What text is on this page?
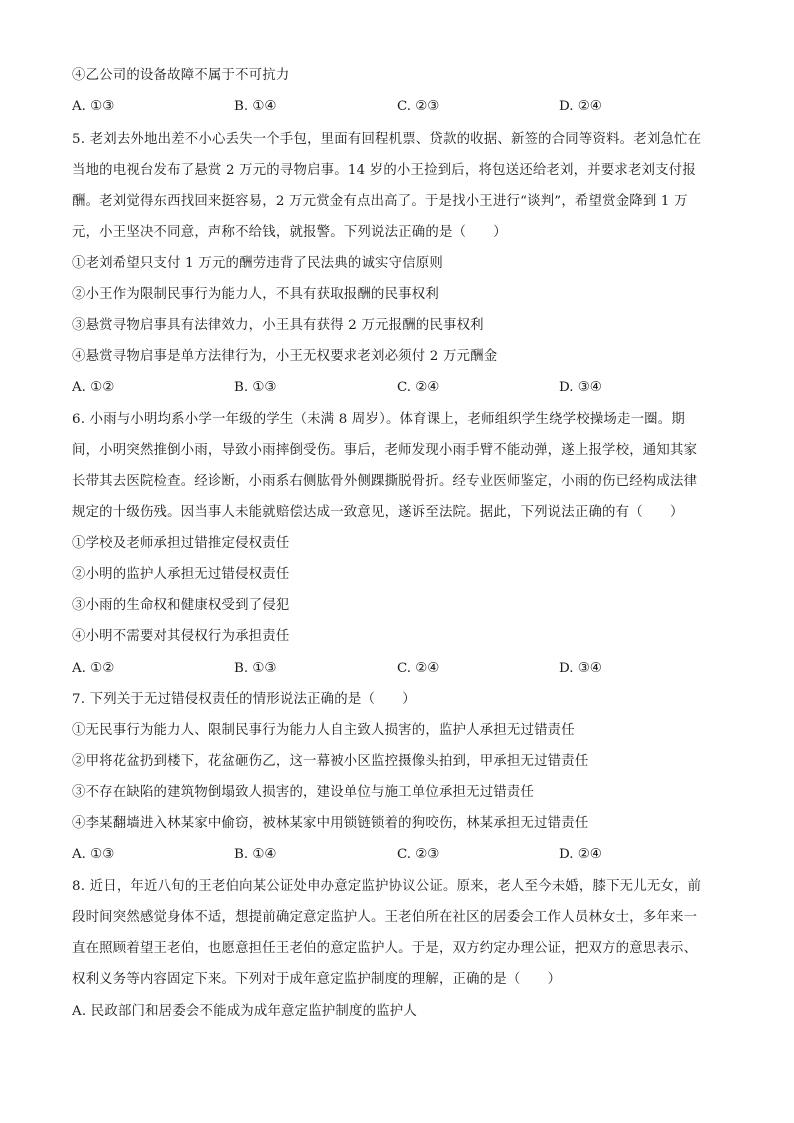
④乙公司的设备故障不属于不可抗力
A. ①③	B. ①④	C. ②③	D. ②④
5. 老刘去外地出差不小心丢失一个手包，里面有回程机票、贷款的收据、新签的合同等资料。老刘急忙在
当地的电视台发布了悬赏 2 万元的寻物启事。14 岁的小王捡到后，将包送还给老刘，并要求老刘支付报
酬。老刘觉得东西找回来挺容易，2 万元赏金有点出高了。于是找小王进行“谈判”，希望赏金降到 1 万
元，小王坚决不同意，声称不给钱，就报警。下列说法正确的是（　　）
①老刘希望只支付 1 万元的酬劳违背了民法典的诚实守信原则
②小王作为限制民事行为能力人，不具有获取报酬的民事权利
③悬赏寻物启事具有法律效力，小王具有获得 2 万元报酬的民事权利
④悬赏寻物启事是单方法律行为，小王无权要求老刘必须付 2 万元酬金
A. ①②	B. ①③	C. ②④	D. ③④
6. 小雨与小明均系小学一年级的学生（未满 8 周岁）。体育课上，老师组织学生绕学校操场走一圈。期
间，小明突然推倒小雨，导致小雨摔倒受伤。事后，老师发现小雨手臂不能动弹，遂上报学校，通知其家
长带其去医院检查。经诊断，小雨系右侧肱骨外侧踝撕脱骨折。经专业医师鉴定，小雨的伤已经构成法律
规定的十级伤残。因当事人未能就赔偿达成一致意见，遂诉至法院。据此，下列说法正确的有（　　）
①学校及老师承担过错推定侵权责任
②小明的监护人承担无过错侵权责任
③小雨的生命权和健康权受到了侵犯
④小明不需要对其侵权行为承担责任
A. ①②	B. ①③	C. ②④	D. ③④
7. 下列关于无过错侵权责任的情形说法正确的是（　　）
①无民事行为能力人、限制民事行为能力人自主致人损害的，监护人承担无过错责任
②甲将花盆扔到楼下，花盆砸伤乙，这一幕被小区监控摄像头拍到，甲承担无过错责任
③不存在缺陷的建筑物倒塌致人损害的，建设单位与施工单位承担无过错责任
④李某翻墙进入林某家中偷窃，被林某家中用锁链锁着的狗咬伤，林某承担无过错责任
A. ①③	B. ①④	C. ②③	D. ②④
8. 近日，年近八旬的王老伯向某公证处申办意定监护协议公证。原来，老人至今未婚，膝下无儿无女，前
段时间突然感觉身体不适，想提前确定意定监护人。王老伯所在社区的居委会工作人员林女士，多年来一
直在照顾着望王老伯，也愿意担任王老伯的意定监护人。于是，双方约定办理公证，把双方的意思表示、
权利义务等内容固定下来。下列对于成年意定监护制度的理解，正确的是（　　）
A. 民政部门和居委会不能成为成年意定监护制度的监护人
